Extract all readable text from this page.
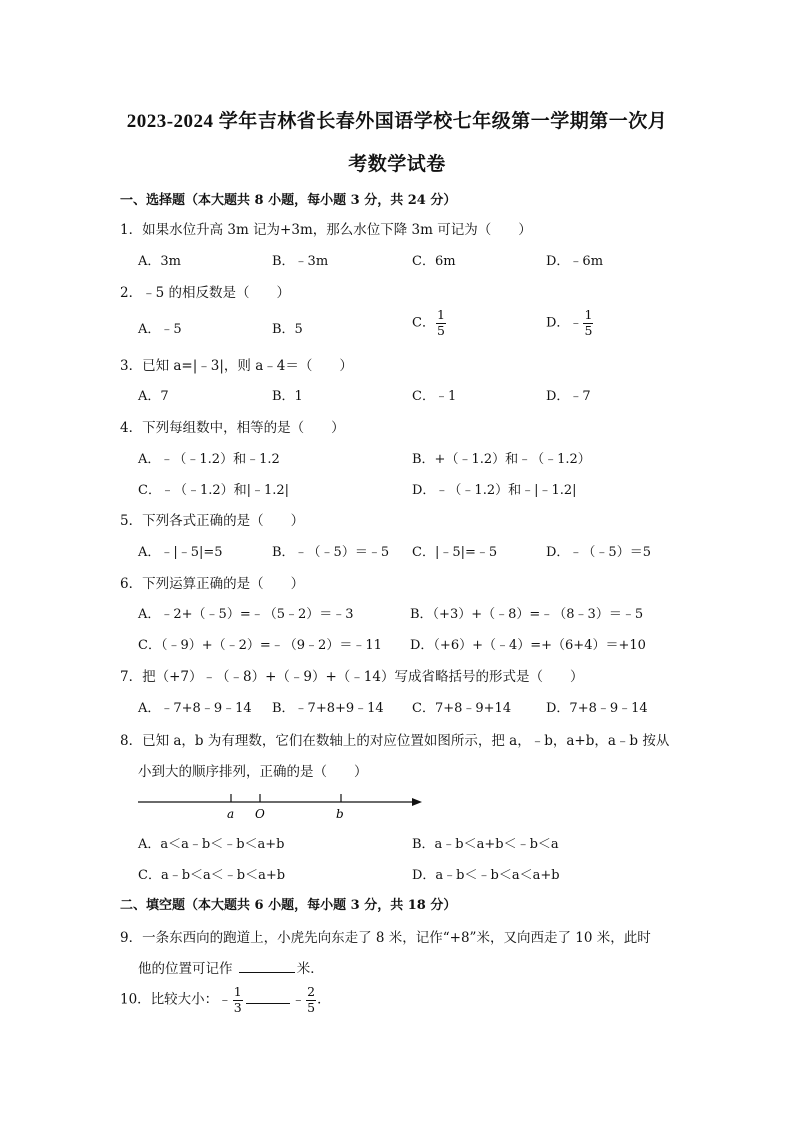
2023-2024 学年吉林省长春外国语学校七年级第一学期第一次月
考数学试卷
一、选择题（本大题共 8 小题，每小题 3 分，共 24 分）
1．如果水位升高 3m 记为+3m，那么水位下降 3m 可记为（　　）
A．3m	B．﹣3m	C．6m	D．﹣6m
2．﹣5 的相反数是（　　）
A．﹣5	B．5	C． $\frac{1}{5}$	D．﹣ $\frac{1}{5}$
3．已知 a=|﹣3|，则 a﹣4＝（　　）
A．7	B．1	C．﹣1	D．﹣7
4．下列每组数中，相等的是（　　）
A．﹣（﹣1.2）和﹣1.2	B．+（﹣1.2）和﹣（﹣1.2）
C．﹣（﹣1.2）和|﹣1.2|	D．﹣（﹣1.2）和﹣|﹣1.2|
5．下列各式正确的是（　　）
A．﹣|﹣5|=5	B．﹣（﹣5）＝﹣5 C．|﹣5|=﹣5	D．﹣（﹣5）＝5
6．下列运算正确的是（　　）
A．﹣2+（﹣5）=﹣（5﹣2）＝﹣3	B．（+3）+（﹣8）=﹣（8﹣3）＝﹣5
C．（﹣9）+（﹣2）=﹣（9﹣2）＝﹣11 D．（+6）+（﹣4）=+（6+4）＝+10
7．把（+7）﹣（﹣8）+（﹣9）+（﹣14）写成省略括号的形式是（　　）
A．﹣7+8﹣9﹣14 B．﹣7+8+9﹣14 C．7+8﹣9+14	D．7+8﹣9﹣14
8．已知 a，b 为有理数，它们在数轴上的对应位置如图所示，把 a，﹣b，a+b，a﹣b 按从
小到大的顺序排列，正确的是（　　）
a O	b
A．a＜a﹣b＜﹣b＜a+b	B．a﹣b＜a+b＜﹣b＜a
C．a﹣b＜a＜﹣b＜a+b	D．a﹣b＜﹣b＜a＜a+b
二、填空题（本大题共 6 小题，每小题 3 分，共 18 分）
9．一条东西向的跑道上，小虎先向东走了 8 米，记作“+8”米，又向西走了 10 米，此时
他的位置可记作	米．
10．比较大小：﹣ $\frac{1}{3}$	﹣ $\frac{2}{5}$ ．
